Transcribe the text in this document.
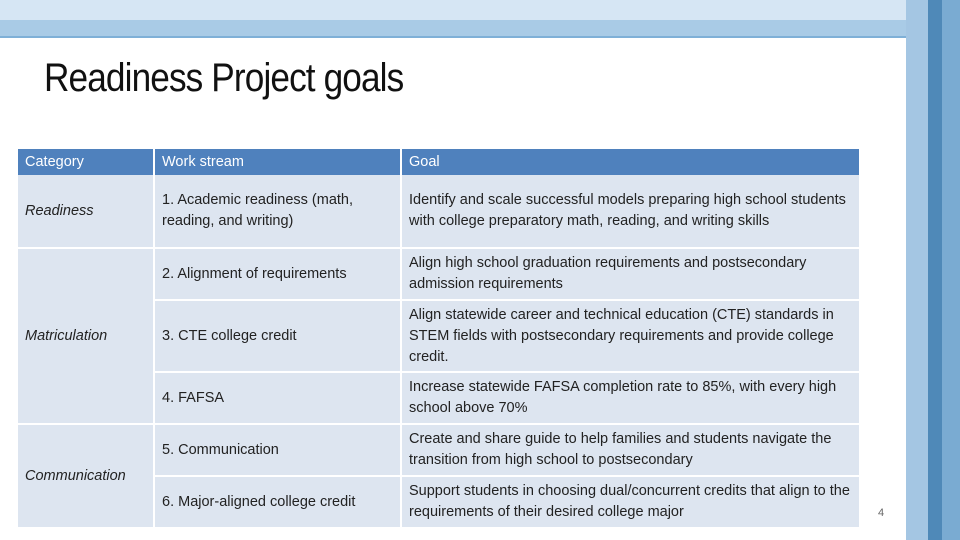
Readiness Project goals
Category	Work stream	Goal
Readiness	1. Academic readiness (math, reading, and writing)	Identify and scale successful models preparing high school students with college preparatory math, reading, and writing skills
Matriculation	2. Alignment of requirements	Align high school graduation requirements and postsecondary admission requirements
	3. CTE college credit	Align statewide career and technical education (CTE) standards in STEM fields with postsecondary requirements and provide college credit.
	4. FAFSA	Increase statewide FAFSA completion rate to 85%, with every high school above 70%
Communication	5. Communication	Create and share guide to help families and students navigate the transition from high school to postsecondary
	6. Major-aligned college credit	Support students in choosing dual/concurrent credits that align to the requirements of their desired college major	4
